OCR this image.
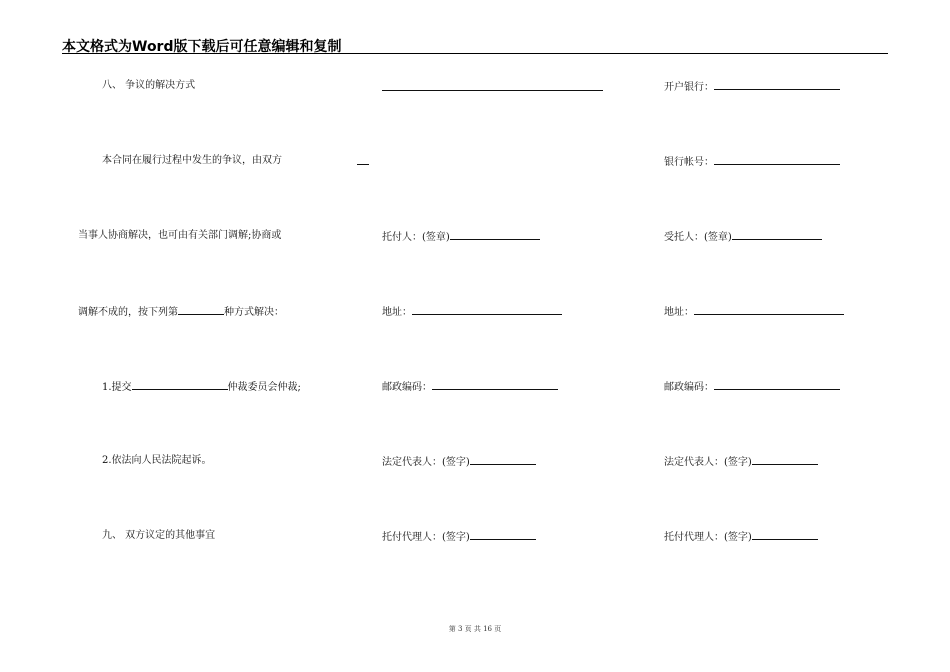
本文格式为Word版下载后可任意编辑和复制
八、 争议的解决方式
本合同在履行过程中发生的争议，由双方
当事人协商解决，也可由有关部门调解;协商或
调解不成的，按下列第	种方式解决：
1.提交	仲裁委员会仲裁;
2.依法向人民法院起诉。
九、 双方议定的其他事宜
托付人：(签章)
地址：
邮政编码：
法定代表人：(签字)
托付代理人：(签字)
开户银行：
银行帐号：
受托人：(签章)
地址：
邮政编码：
法定代表人：(签字)
托付代理人：(签字)
第 3 页 共 16 页
